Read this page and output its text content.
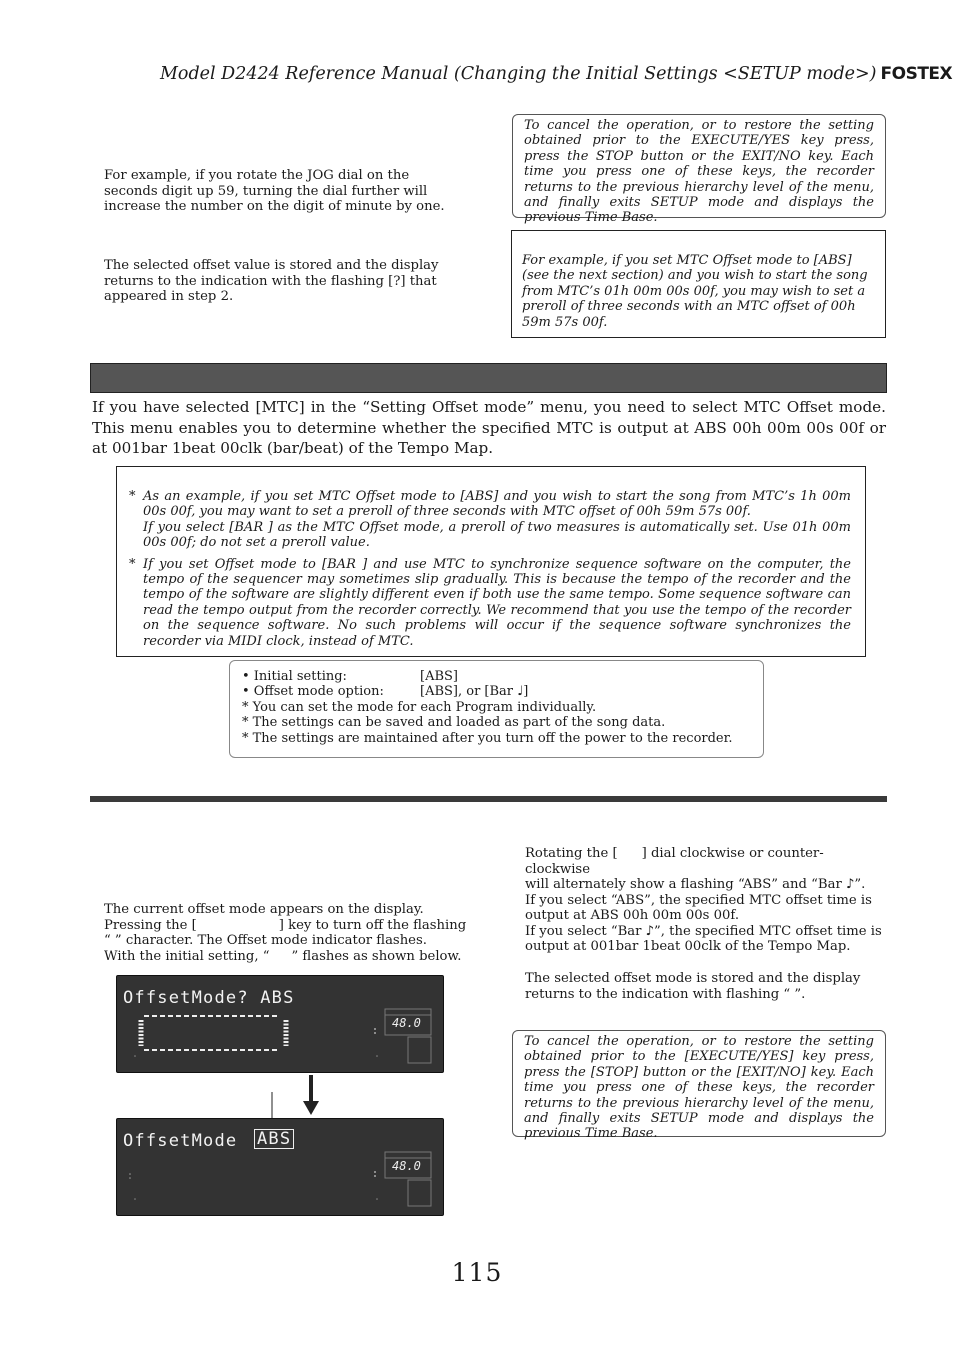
Model D2424 Reference Manual (Changing the Initial Settings <SETUP mode>) FOSTEX
For example, if you rotate the JOG dial on the seconds digit up 59, turning the dial further will increase the number on the digit of minute by one.
The selected offset value is stored and the display returns to the indication with the flashing [?] that appeared in step 2.
To cancel the operation, or to restore the setting obtained prior to the EXECUTE/YES key press, press the STOP button or the EXIT/NO key. Each time you press one of these keys, the recorder returns to the previous hierarchy level of the menu, and finally exits SETUP mode and displays the previous Time Base.
For example, if you set MTC Offset mode to [ABS] (see the next section) and you wish to start the song from MTC’s 01h 00m 00s 00f, you may wish to set a preroll of three seconds with an MTC offset of 00h 59m 57s 00f.
If you have selected [MTC] in the “Setting Offset mode” menu, you need to select MTC Offset mode. This menu enables you to determine whether the specified MTC is output at ABS 00h 00m 00s 00f or at 001bar 1beat 00clk (bar/beat) of the Tempo Map.
* As an example, if you set MTC Offset mode to [ABS] and you wish to start the song from MTC’s 1h 00m 00s 00f, you may want to set a preroll of three seconds with MTC offset of 00h 59m 57s 00f.
If you select [BAR ] as the MTC Offset mode, a preroll of two measures is automatically set. Use 01h 00m 00s 00f; do not set a preroll value.
* If you set Offset mode to [BAR ] and use MTC to synchronize sequence software on the computer, the tempo of the sequencer may sometimes slip gradually. This is because the tempo of the recorder and the tempo of the software are slightly different even if both use the same tempo. Some sequence software can read the tempo output from the recorder correctly. We recommend that you use the tempo of the recorder on the sequence software. No such problems will occur if the sequence software synchronizes the recorder via MIDI clock, instead of MTC.
• Initial setting:	[ABS]
• Offset mode option:	[ABS], or [Bar ♩]
* You can set the mode for each Program individually.
* The settings can be saved and loaded as part of the song data.
* The settings are maintained after you turn off the power to the recorder.
The current offset mode appears on the display.
Pressing the [	] key to turn off the flashing
“ ” character. The Offset mode indicator flashes.
With the initial setting, “ ” flashes as shown below.
Rotating the [ ] dial clockwise or counter-clockwise
will alternately show a flashing “ABS” and “Bar ♪”.
If you select “ABS”, the specified MTC offset time is output at ABS 00h 00m 00s 00f.
If you select “Bar ♪”, the specified MTC offset time is
output at 001bar 1beat 00clk of the Tempo Map.
The selected offset mode is stored and the display returns to the indication with flashing “ ”.
To cancel the operation, or to restore the setting obtained prior to the [EXECUTE/YES] key press, press the [STOP] button or the [EXIT/NO] key. Each time you press one of these keys, the recorder returns to the previous hierarchy level of the menu, and finally exits SETUP mode and displays the previous Time Base.
OffsetMode? ABS
48.0
OffsetMode ABS
48.0
115
